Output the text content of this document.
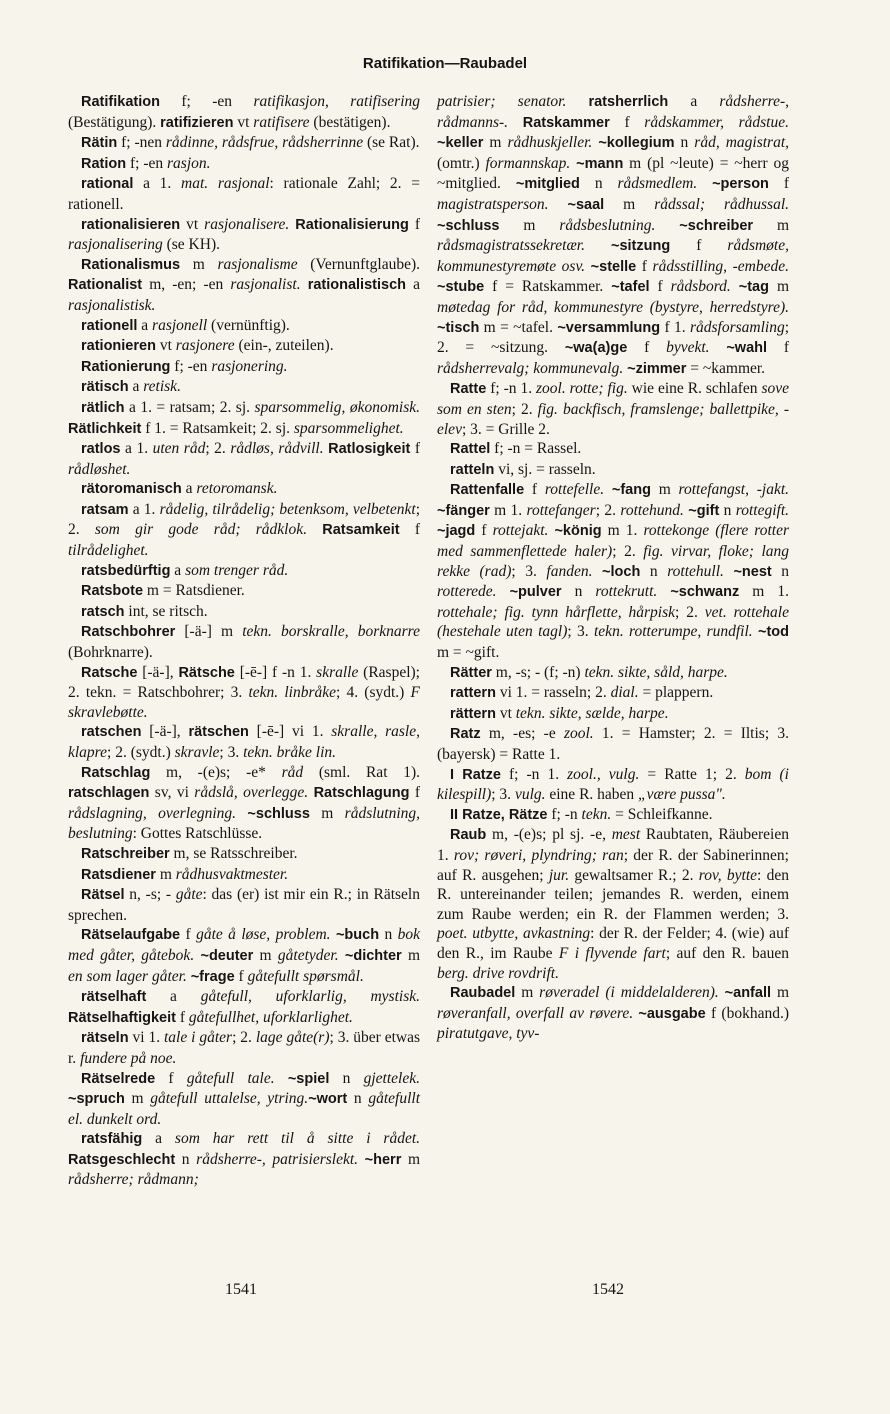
Ratifikation—Raubadel

Ratifikation f; -en ratifikasjon, ratifisering (Bestätigung). ratifizieren vt ratifisere (bestätigen).

Rätin f; -nen rådinne, rådsfrue, rådsherrinne (se Rat).

Ration f; -en rasjon.

rational a 1. mat. rasjonal: rationale Zahl; 2. = rationell.

rationalisieren vt rasjonalisere. Rationalisierung f rasjonalisering (se KH).

Rationalismus m rasjonalisme (Vernunftglaube). Rationalist m, -en; -en rasjonalist. rationalistisch a rasjonalistisk.

rationell a rasjonell (vernünftig).

rationieren vt rasjonere (ein-, zuteilen).

Rationierung f; -en rasjonering.

rätisch a retisk.

rätlich a 1. = ratsam; 2. sj. sparsommelig, økonomisk. Rätlichkeit f 1. = Ratsamkeit; 2. sj. sparsommelighet.

ratlos a 1. uten råd; 2. rådløs, rådvill. Ratlosigkeit f rådløshet.

rätoromanisch a retoromansk.

ratsam a 1. rådelig, tilrådelig; betenksom, velbetenkt; 2. som gir gode råd; rådklok. Ratsamkeit f tilrådelighet.

ratsbedürftig a som trenger råd.

Ratsbote m = Ratsdiener.

ratsch int, se ritsch.

Ratschbohrer [-ä-] m tekn. borskralle, borknarre (Bohrknarre).

Ratsche [-ä-], Rätsche [-ē-] f -n 1. skralle (Raspel); 2. tekn. = Ratschbohrer; 3. tekn. linbråke; 4. (sydt.) F skravlebøtte.

ratschen [-ä-], rätschen [-ē-] vi 1. skralle, rasle, klapre; 2. (sydt.) skravle; 3. tekn. bråke lin.

Ratschlag m, -(e)s; -e* råd (sml. Rat 1). ratschlagen sv, vi rådslå, overlegge. Ratschlagung f rådslagning, overlegning. ~schluss m rådslutning, beslutning: Gottes Ratschlüsse.

Ratschreiber m, se Ratsschreiber.

Ratsdiener m rådhusvaktmester.

Rätsel n, -s; - gåte: das (er) ist mir ein R.; in Rätseln sprechen.

Rätselaufgabe f gåte å løse, problem. ~buch n bok med gåter, gåtebok. ~deuter m gåtetyder. ~dichter m en som lager gåter. ~frage f gåtefullt spørsmål.

rätselhaft a gåtefull, uforklarlig, mystisk. Rätselhaftigkeit f gåtefullhet, uforklarlighet.

rätseln vi 1. tale i gåter; 2. lage gåte(r); 3. über etwas r. fundere på noe.

Rätselrede f gåtefull tale. ~spiel n gjettelek. ~spruch m gåtefull uttalelse, ytring.~wort n gåtefullt el. dunkelt ord.

ratsfähig a som har rett til å sitte i rådet. Ratsgeschlecht n rådsherre-, patrisierslekt. ~herr m rådsherre; rådmann;

patrisier; senator. ratsherrlich a rådsherre-, rådmanns-. Ratskammer f rådskammer, rådstue. ~keller m rådhuskjeller. ~kollegium n råd, magistrat, (omtr.) formannskap. ~mann m (pl ~leute) = ~herr og ~mitglied. ~mitglied n rådsmedlem. ~person f magistratsperson. ~saal m rådssal; rådhussal. ~schluss m rådsbeslutning. ~schreiber m rådsmagistratssekretær. ~sitzung f rådsmøte, kommunestyremøte osv. ~stelle f rådsstilling, -embede. ~stube f = Ratskammer. ~tafel f rådsbord. ~tag m møtedag for råd, kommunestyre (bystyre, herredstyre). ~tisch m = ~tafel. ~versammlung f 1. rådsforsamling; 2. = ~sitzung. ~wa(a)ge f byvekt. ~wahl f rådsherrevalg; kommunevalg. ~zimmer = ~kammer.

Ratte f; -n 1. zool. rotte; fig. wie eine R. schlafen sove som en sten; 2. fig. backfisch, framslenge; ballettpike, -elev; 3. = Grille 2.

Rattel f; -n = Rassel.

ratteln vi, sj. = rasseln.

Rattenfalle f rottefelle. ~fang m rottefangst, -jakt. ~fänger m 1. rottefanger; 2. rottehund. ~gift n rottegift. ~jagd f rottejakt. ~könig m 1. rottekonge (flere rotter med sammenflettede haler); 2. fig. virvar, floke; lang rekke (rad); 3. fanden. ~loch n rottehull. ~nest n rotterede. ~pulver n rottekrutt. ~schwanz m 1. rottehale; fig. tynn hårflette, hårpisk; 2. vet. rottehale (hestehale uten tagl); 3. tekn. rotterumpe, rundfil. ~tod m = ~gift.

Rätter m, -s; - (f; -n) tekn. sikte, såld, harpe.

rattern vi 1. = rasseln; 2. dial. = plappern.

rättern vt tekn. sikte, sælde, harpe.

Ratz m, -es; -e zool. 1. = Hamster; 2. = Iltis; 3. (bayersk) = Ratte 1.

I Ratze f; -n 1. zool., vulg. = Ratte 1; 2. bom (i kilespill); 3. vulg. eine R. haben „være pussa".

II Ratze, Rätze f; -n tekn. = Schleifkanne.

Raub m, -(e)s; pl sj. -e, mest Raubtaten, Räubereien 1. rov; røveri, plyndring; ran; der R. der Sabinerinnen; auf R. ausgehen; jur. gewaltsamer R.; 2. rov, bytte: den R. untereinander teilen; jemandes R. werden, einem zum Raube werden; ein R. der Flammen werden; 3. poet. utbytte, avkastning: der R. der Felder; 4. (wie) auf den R., im Raube F i flyvende fart; auf den R. bauen berg. drive rovdrift.

Raubadel m røveradel (i middelalderen). ~anfall m røveranfall, overfall av røvere. ~ausgabe f (bokhand.) piratutgave, tyv-

1541	1542
